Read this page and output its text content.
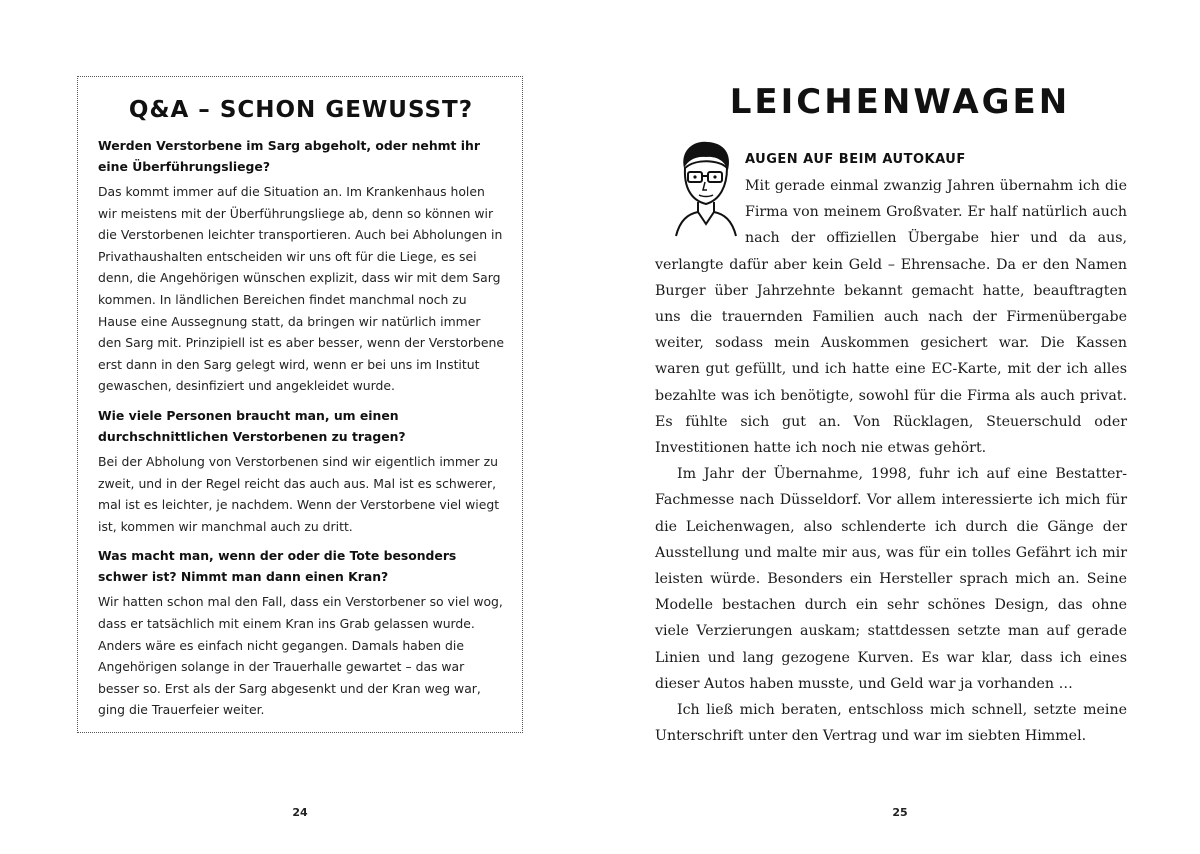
Q&A – SCHON GEWUSST?

Werden Verstorbene im Sarg abgeholt, oder nehmt ihr eine Überführungsliege?

Das kommt immer auf die Situation an. Im Krankenhaus holen wir meistens mit der Überführungsliege ab, denn so können wir die Verstorbenen leichter transportieren. Auch bei Abholungen in Privathaushalten entscheiden wir uns oft für die Liege, es sei denn, die Angehörigen wünschen explizit, dass wir mit dem Sarg kommen. In ländlichen Bereichen findet manchmal noch zu Hause eine Aussegnung statt, da bringen wir natürlich immer den Sarg mit. Prinzipiell ist es aber besser, wenn der Verstorbene erst dann in den Sarg gelegt wird, wenn er bei uns im Institut gewaschen, desinfiziert und angekleidet wurde.

Wie viele Personen braucht man, um einen durchschnittlichen Verstorbenen zu tragen?

Bei der Abholung von Verstorbenen sind wir eigentlich immer zu zweit, und in der Regel reicht das auch aus. Mal ist es schwerer, mal ist es leichter, je nachdem. Wenn der Verstorbene viel wiegt ist, kommen wir manchmal auch zu dritt.

Was macht man, wenn der oder die Tote besonders schwer ist? Nimmt man dann einen Kran?

Wir hatten schon mal den Fall, dass ein Verstorbener so viel wog, dass er tatsächlich mit einem Kran ins Grab gelassen wurde. Anders wäre es einfach nicht gegangen. Damals haben die Angehörigen solange in der Trauerhalle gewartet – das war besser so. Erst als der Sarg abgesenkt und der Kran weg war, ging die Trauerfeier weiter.

24
LEICHENWAGEN
AUGEN AUF BEIM AUTOKAUF

Mit gerade einmal zwanzig Jahren übernahm ich die Firma von meinem Großvater. Er half natürlich auch nach der offiziellen Übergabe hier und da aus, verlangte dafür aber kein Geld – Ehrensache. Da er den Namen Burger über Jahrzehnte bekannt gemacht hatte, beauftragten uns die trauernden Familien auch nach der Firmenübergabe weiter, sodass mein Auskommen gesichert war. Die Kassen waren gut gefüllt, und ich hatte eine EC-Karte, mit der ich alles bezahlte was ich benötigte, sowohl für die Firma als auch privat. Es fühlte sich gut an. Von Rücklagen, Steuerschuld oder Investitionen hatte ich noch nie etwas gehört.

Im Jahr der Übernahme, 1998, fuhr ich auf eine Bestatter-Fachmesse nach Düsseldorf. Vor allem interessierte ich mich für die Leichenwagen, also schlenderte ich durch die Gänge der Ausstellung und malte mir aus, was für ein tolles Gefährt ich mir leisten würde. Besonders ein Hersteller sprach mich an. Seine Modelle bestachen durch ein sehr schönes Design, das ohne viele Verzierungen auskam; stattdessen setzte man auf gerade Linien und lang gezogene Kurven. Es war klar, dass ich eines dieser Autos haben musste, und Geld war ja vorhanden …

Ich ließ mich beraten, entschloss mich schnell, setzte meine Unterschrift unter den Vertrag und war im siebten Himmel.

25
